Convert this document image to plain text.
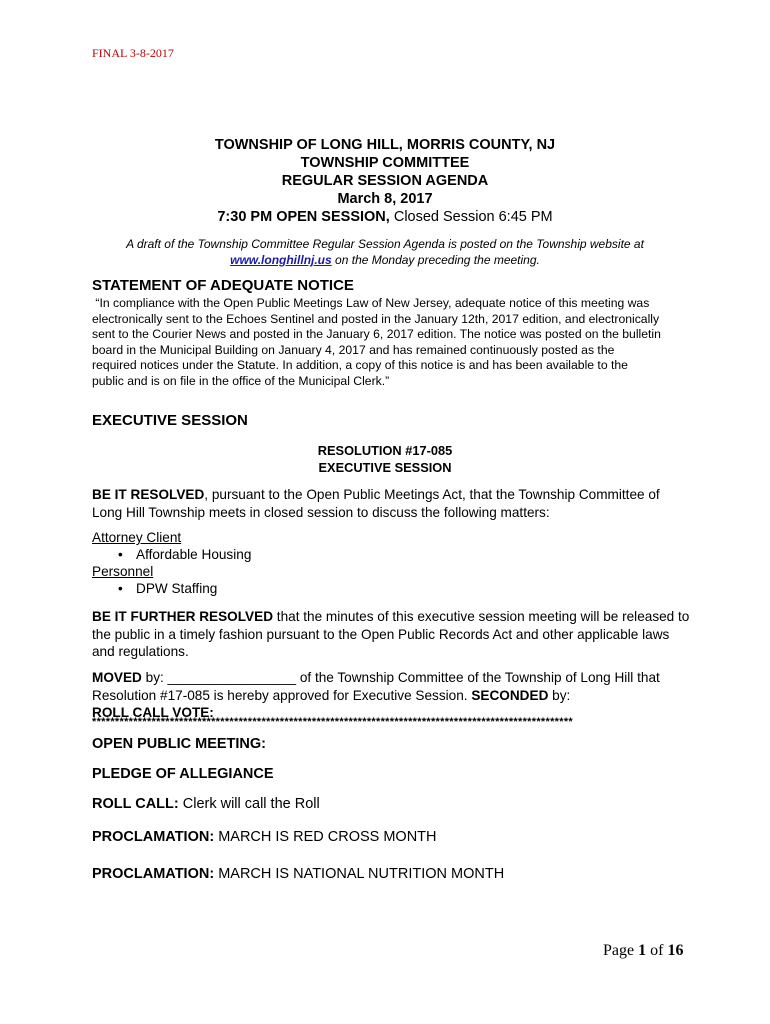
FINAL 3-8-2017
TOWNSHIP OF LONG HILL, MORRIS COUNTY, NJ
TOWNSHIP COMMITTEE
REGULAR SESSION AGENDA
March 8, 2017
7:30 PM OPEN SESSION, Closed Session 6:45 PM
A draft of the Township Committee Regular Session Agenda is posted on the Township website at
www.longhillnj.us on the Monday preceding the meeting.
STATEMENT OF ADEQUATE NOTICE
“In compliance with the Open Public Meetings Law of New Jersey, adequate notice of this meeting was
electronically sent to the Echoes Sentinel and posted in the January 12th, 2017 edition, and electronically
sent to the Courier News and posted in the January 6, 2017 edition. The notice was posted on the bulletin
board in the Municipal Building on January 4, 2017 and has remained continuously posted as the
required notices under the Statute. In addition, a copy of this notice is and has been available to the
public and is on file in the office of the Municipal Clerk.”
EXECUTIVE SESSION
RESOLUTION #17-085
EXECUTIVE SESSION
BE IT RESOLVED, pursuant to the Open Public Meetings Act, that the Township Committee of Long Hill Township meets in closed session to discuss the following matters:
Attorney Client
• Affordable Housing
Personnel
• DPW Staffing
BE IT FURTHER RESOLVED that the minutes of this executive session meeting will be released to the public in a timely fashion pursuant to the Open Public Records Act and other applicable laws and regulations.
MOVED by: _________________ of the Township Committee of the Township of Long Hill that Resolution #17-085 is hereby approved for Executive Session. SECONDED by:
ROLL CALL VOTE:
*********************************************************************************************************
OPEN PUBLIC MEETING:
PLEDGE OF ALLEGIANCE
ROLL CALL: Clerk will call the Roll
PROCLAMATION: MARCH IS RED CROSS MONTH
PROCLAMATION: MARCH IS NATIONAL NUTRITION MONTH
Page 1 of 16
